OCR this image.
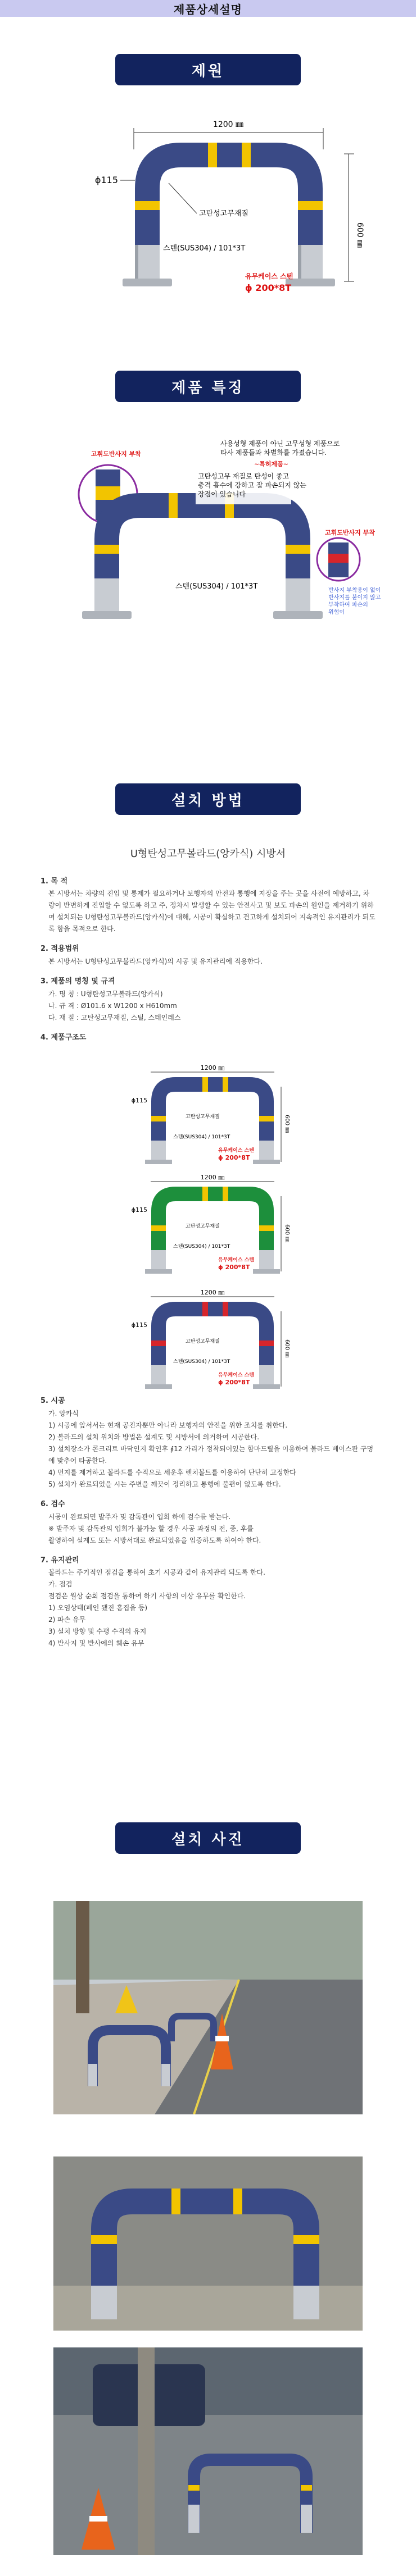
제품상세설명
제원
1200 ㎜
600 ㎜
ϕ115
고탄성고무재질
스텐(SUS304) / 101*3T
유무케이스 스텐
ϕ 200*8T
제품 특징
사용성형 제품이 아닌 고무성형 제품으로 타사 제품들과 차별화를 가졌습니다.
~특허제품~
고휘도반사지 부착
고탄성고무 재질로 탄성이 좋고 충격 흡수에 강하고 잘 파손되지 않는 장점이 있습니다
스텐(SUS304) / 101*3T
고휘도반사지 부착
반사지 부착용이 없이 반사지를 붙이지 않고 부착하여 파손의 위험이
설치 방법
U형탄성고무볼라드(앙카식) 시방서
1. 목 적

본 시방서는 차량의 진입 및 통제가 필요하거나 보행자의 안전과 통행에 지장을 주는 곳을 사전에 예방하고, 차량이 반변하게 진입할 수 없도록 하고 주, 정차시 발생할 수 있는 안전사고 및 보도 파손의 원인을 제거하기 위하여 설치되는 U형탄성고무볼라드(앙카식)에 대해, 시공이 확실하고 견고하게 설치되어 지속적인 유지관리가 되도록 함을 목적으로 한다.

2. 적용범위

본 시방서는 U형탄성고무볼라드(앙카식)의 시공 및 유지관리에 적용한다.

3. 제품의 명칭 및 규격

가. 명 칭 : U형탄성고무볼라드(앙카식)

나. 규 격 : Ø101.6 x W1200 x H610mm

다. 재 질 : 고탄성고무재질, 스틸, 스테인레스

4. 제품구조도
1200 ㎜
ϕ115
고탄성고무재질
스텐(SUS304) / 101*3T
유무케이스 스텐
ϕ 200*8T
600 ㎜
1200 ㎜
ϕ115
고탄성고무재질
스텐(SUS304) / 101*3T
유무케이스 스텐
ϕ 200*8T
600 ㎜
1200 ㎜
ϕ115
고탄성고무재질
스텐(SUS304) / 101*3T
유무케이스 스텐
ϕ 200*8T
600 ㎜
5. 시공

가. 앙카식

1) 시공에 앞서서는 현재 공진자뿐만 아니라 보행자의 안전을 위한 조치를 취한다.

2) 볼라드의 설치 위치와 방법은 설계도 및 시방서에 의거하여 시공한다.

3) 설치장소가 콘크리트 바닥인지 확인후 ∮12 가리가 정착되어있는 함마드릴을 이용하여 볼라드 베이스판 구멍에 맞추어 타공한다.

4) 먼지를 제거하고 볼라드를 수직으로 세운후 렌치볼트를 이용하여 단단히 고정한다

5) 설치가 완료되었을 시는 주변을 깨끗이 정리하고 통행에 불편이 없도록 한다.

6. 검수

시공이 완료되면 발주자 및 감독관이 입회 하에 검수를 받는다.

※ 발주자 및 감독관의 입회가 불가능 할 경우 사공 과정의 전, 중, 후를

촬영하여 설계도 또는 시방서대로 완료되었음을 입증하도록 하여야 한다.

7. 유지관리

볼라드는 주기적인 점검을 통하여 초기 시공과 같이 유지관리 되도록 한다.

가. 점검

점검은 월상 순회 점검을 통하여 하기 사항의 이상 유무를 확인한다.

1) 오염상태(페인 됐진 흠집을 등)

2) 파손 유무

3) 설치 방향 및 수평 수직의 유지

4) 반사지 및 반사에의 훼손 유무

설치 사진
